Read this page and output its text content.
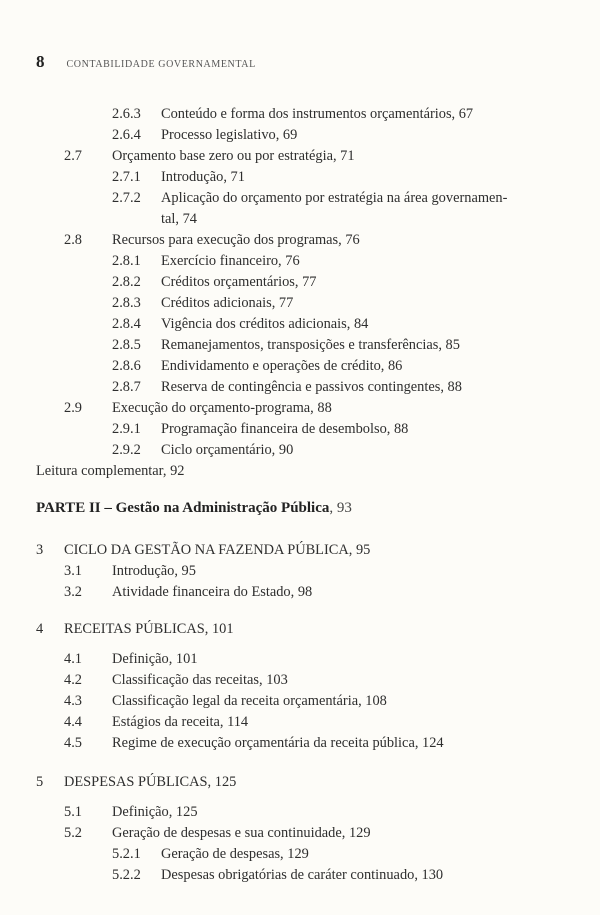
8 CONTABILIDADE GOVERNAMENTAL
2.6.3 Conteúdo e forma dos instrumentos orçamentários, 67
2.6.4 Processo legislativo, 69
2.7 Orçamento base zero ou por estratégia, 71
2.7.1 Introdução, 71
2.7.2 Aplicação do orçamento por estratégia na área governamen-
tal, 74
2.8 Recursos para execução dos programas, 76
2.8.1 Exercício financeiro, 76
2.8.2 Créditos orçamentários, 77
2.8.3 Créditos adicionais, 77
2.8.4 Vigência dos créditos adicionais, 84
2.8.5 Remanejamentos, transposições e transferências, 85
2.8.6 Endividamento e operações de crédito, 86
2.8.7 Reserva de contingência e passivos contingentes, 88
2.9 Execução do orçamento-programa, 88
2.9.1 Programação financeira de desembolso, 88
2.9.2 Ciclo orçamentário, 90
Leitura complementar, 92
3 CICLO DA GESTÃO NA FAZENDA PÚBLICA, 95
3.1 Introdução, 95
3.2 Atividade financeira do Estado, 98
4 RECEITAS PÚBLICAS, 101
4.1 Definição, 101
4.2 Classificação das receitas, 103
4.3 Classificação legal da receita orçamentária, 108
4.4 Estágios da receita, 114
4.5 Regime de execução orçamentária da receita pública, 124
5 DESPESAS PÚBLICAS, 125
5.1 Definição, 125
5.2 Geração de despesas e sua continuidade, 129
5.2.1 Geração de despesas, 129
5.2.2 Despesas obrigatórias de caráter continuado, 130
PARTE II – Gestão na Administração Pública, 93
